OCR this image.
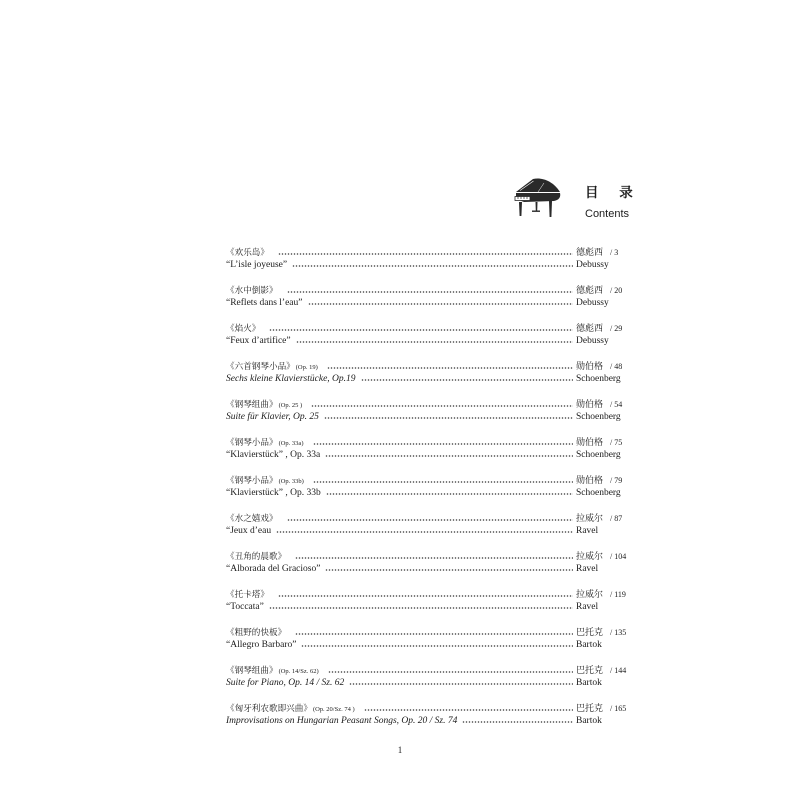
目 录
Contents
《欢乐岛》	德彪西 / 3
“L’isle joyeuse”	Debussy
《水中倒影》	德彪西 / 20
“Reflets dans l’eau”	Debussy
《焰火》	德彪西 / 29
“Feux d’artifice”	Debussy
《六首钢琴小品》 (Op. 19)	勋伯格 / 48
Sechs kleine Klavierstücke, Op.19	Schoenberg
《钢琴组曲》 (Op. 25 )	勋伯格 / 54
Suite für Klavier, Op. 25	Schoenberg
《钢琴小品》 (Op. 33a)	勋伯格 / 75
“Klavierstück” , Op. 33a	Schoenberg
《钢琴小品》 (Op. 33b)	勋伯格 / 79
“Klavierstück” , Op. 33b	Schoenberg
《水之嬉戏》	拉威尔 / 87
“Jeux d’eau	Ravel
《丑角的晨歌》	拉威尔 / 104
“Alborada del Gracioso”	Ravel
《托卡塔》	拉威尔 / 119
“Toccata”	Ravel
《粗野的快板》	巴托克 / 135
“Allegro Barbaro”	Bartok
《钢琴组曲》 (Op. 14/Sz. 62)	巴托克 / 144
Suite for Piano, Op. 14 / Sz. 62	Bartok
《匈牙利农歌即兴曲》 (Op. 20/Sz. 74 )	巴托克 / 165
Improvisations on Hungarian Peasant Songs, Op. 20 / Sz. 74	Bartok
1
